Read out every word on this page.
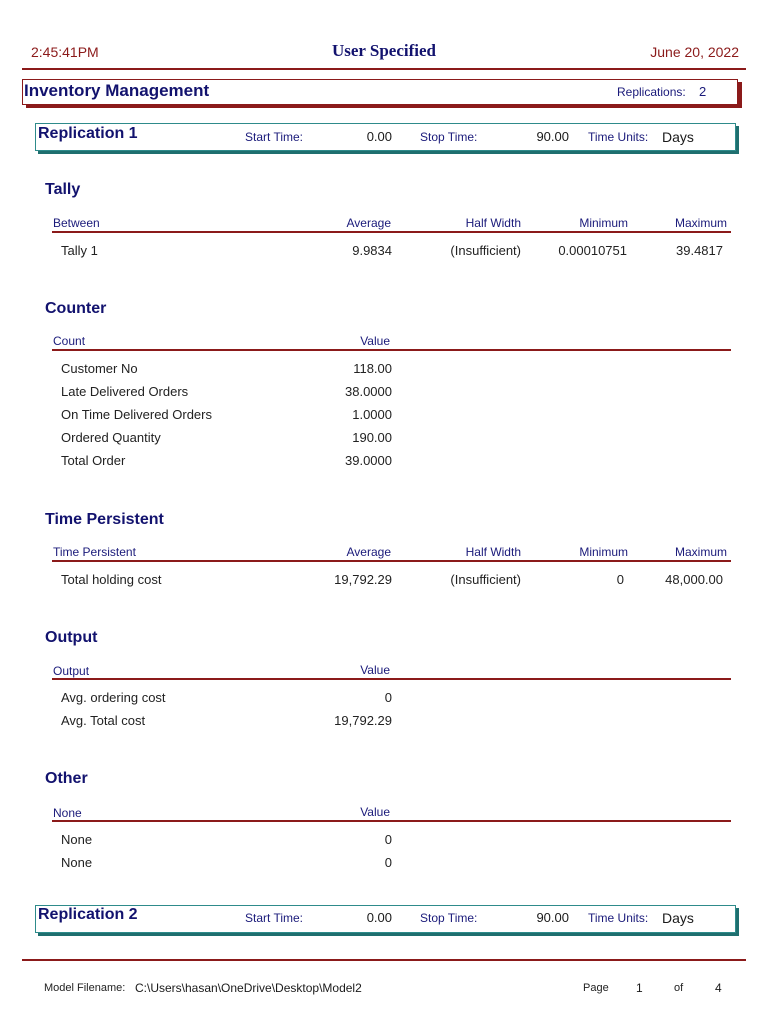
2:45:41PM	User Specified	June 20, 2022
Inventory Management	Replications: 2
Replication 1	Start Time:	0.00 Stop Time:	90.00 Time Units: Days
Tally
Between	Average	Half Width	Minimum	Maximum
Tally 1	9.9834	(Insufficient)	0.00010751	39.4817
Counter
Count	Value
Customer No	118.00
Late Delivered Orders	38.0000
On Time Delivered Orders	1.0000
Ordered Quantity	190.00
Total Order	39.0000
Time Persistent
Time Persistent	Average	Half Width	Minimum	Maximum
Total holding cost	19,792.29	(Insufficient)	0	48,000.00
Output
Output	Value
Avg. ordering cost	0
Avg. Total cost	19,792.29
Other
None	Value
None	0
None	0
Replication 2	Start Time:	0.00 Stop Time:	90.00 Time Units: Days
Model Filename: C:\Users\hasan\OneDrive\Desktop\Model2	Page 1	of	4
